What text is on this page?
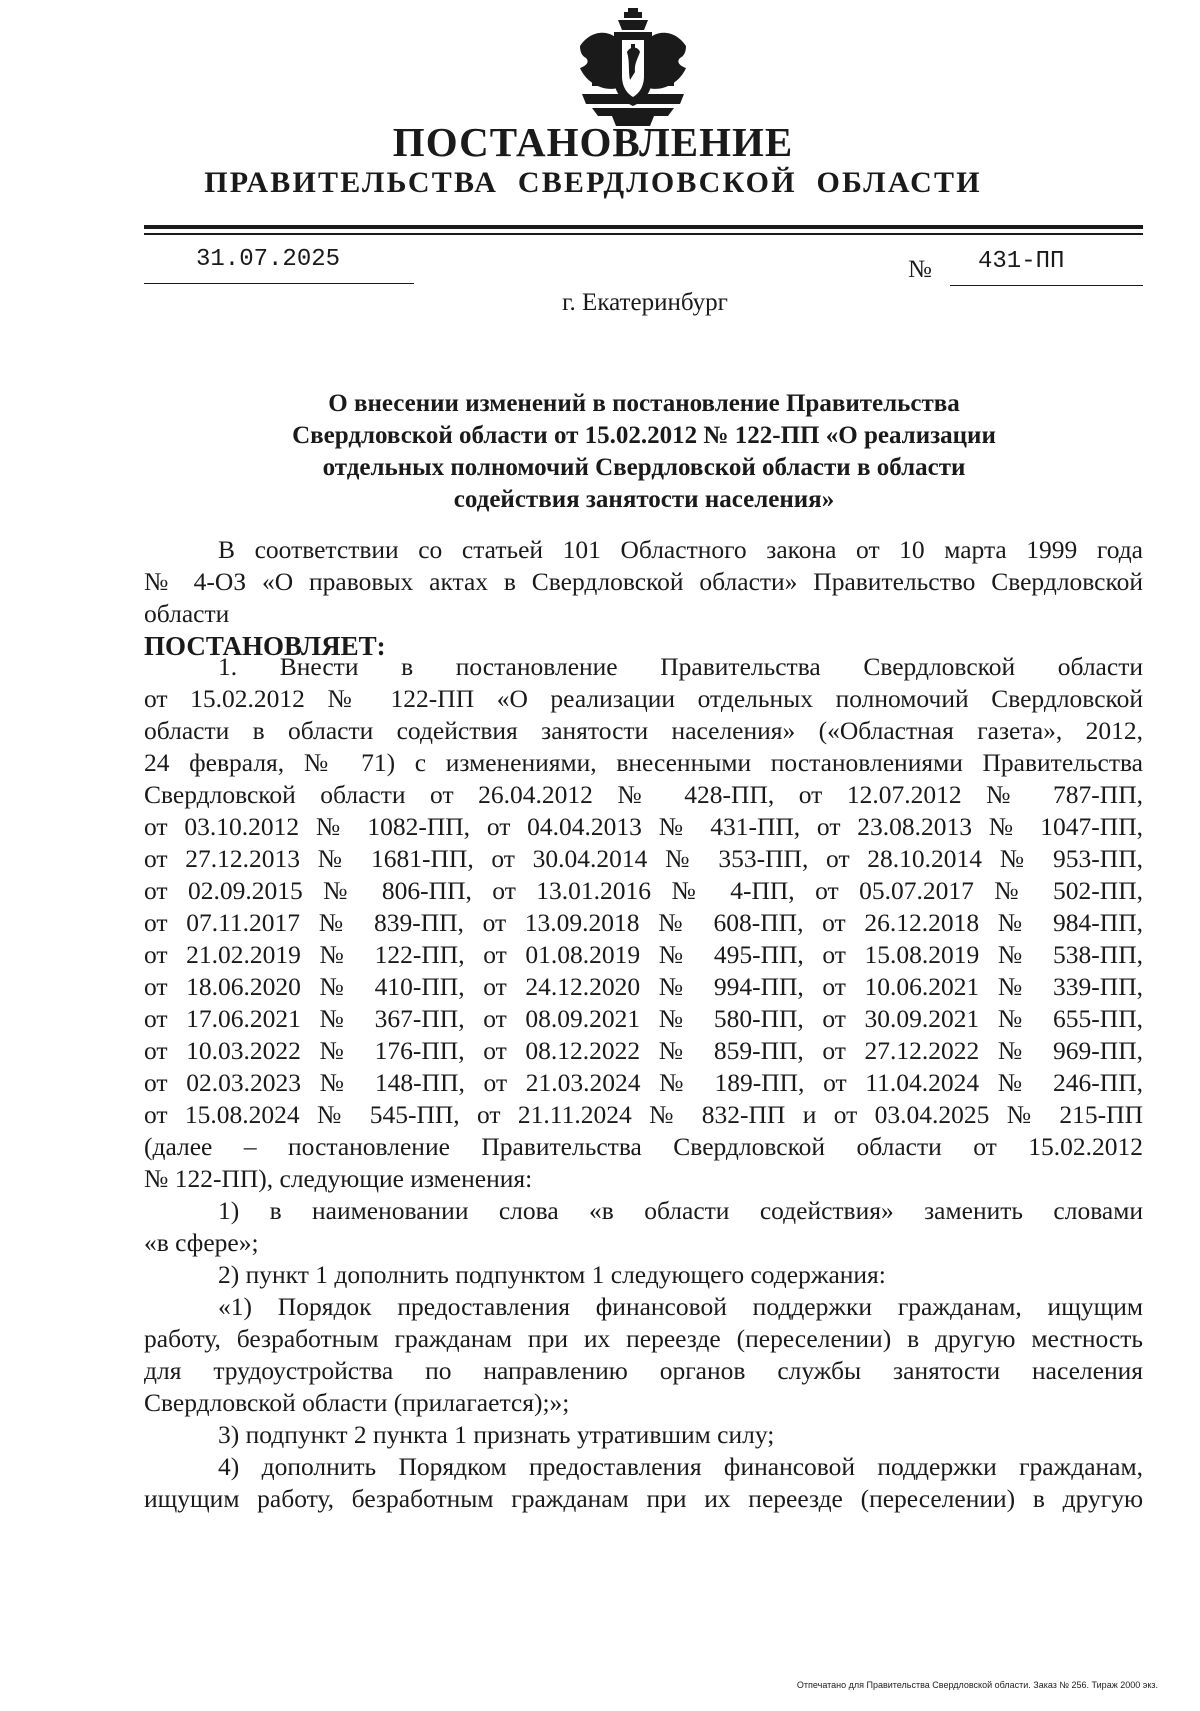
ПОСТАНОВЛЕНИЕ
ПРАВИТЕЛЬСТВА СВЕРДЛОВСКОЙ ОБЛАСТИ
31.07.2025	№ 431-ПП
г. Екатеринбург
О внесении изменений в постановление Правительства
Свердловской области от 15.02.2012 № 122-ПП «О реализации
отдельных полномочий Свердловской области в области
содействия занятости населения»
В соответствии со статьей 101 Областного закона от 10 марта 1999 года
№ 4-ОЗ «О правовых актах в Свердловской области» Правительство Свердловской
области
ПОСТАНОВЛЯЕТ:
1. Внести в постановление Правительства Свердловской области
от 15.02.2012 № 122-ПП «О реализации отдельных полномочий Свердловской
области в области содействия занятости населения» («Областная газета», 2012,
24 февраля, № 71) с изменениями, внесенными постановлениями Правительства
Свердловской области от 26.04.2012 № 428-ПП, от 12.07.2012 № 787-ПП,
от 03.10.2012 № 1082-ПП, от 04.04.2013 № 431-ПП, от 23.08.2013 № 1047-ПП,
от 27.12.2013 № 1681-ПП, от 30.04.2014 № 353-ПП, от 28.10.2014 № 953-ПП,
от 02.09.2015 № 806-ПП, от 13.01.2016 № 4-ПП, от 05.07.2017 № 502-ПП,
от 07.11.2017 № 839-ПП, от 13.09.2018 № 608-ПП, от 26.12.2018 № 984-ПП,
от 21.02.2019 № 122-ПП, от 01.08.2019 № 495-ПП, от 15.08.2019 № 538-ПП,
от 18.06.2020 № 410-ПП, от 24.12.2020 № 994-ПП, от 10.06.2021 № 339-ПП,
от 17.06.2021 № 367-ПП, от 08.09.2021 № 580-ПП, от 30.09.2021 № 655-ПП,
от 10.03.2022 № 176-ПП, от 08.12.2022 № 859-ПП, от 27.12.2022 № 969-ПП,
от 02.03.2023 № 148-ПП, от 21.03.2024 № 189-ПП, от 11.04.2024 № 246-ПП,
от 15.08.2024 № 545-ПП, от 21.11.2024 № 832-ПП и от 03.04.2025 № 215-ПП
(далее – постановление Правительства Свердловской области от 15.02.2012
№ 122-ПП), следующие изменения:
1) в наименовании слова «в области содействия» заменить словами
«в сфере»;
2) пункт 1 дополнить подпунктом 1 следующего содержания:
«1) Порядок предоставления финансовой поддержки гражданам, ищущим
работу, безработным гражданам при их переезде (переселении) в другую местность
для трудоустройства по направлению органов службы занятости населения
Свердловской области (прилагается);»;
3) подпункт 2 пункта 1 признать утратившим силу;
4) дополнить Порядком предоставления финансовой поддержки гражданам,
ищущим работу, безработным гражданам при их переезде (переселении) в другую
Отпечатано для Правительства Свердловской области. Заказ № 256. Тираж 2000 экз.
